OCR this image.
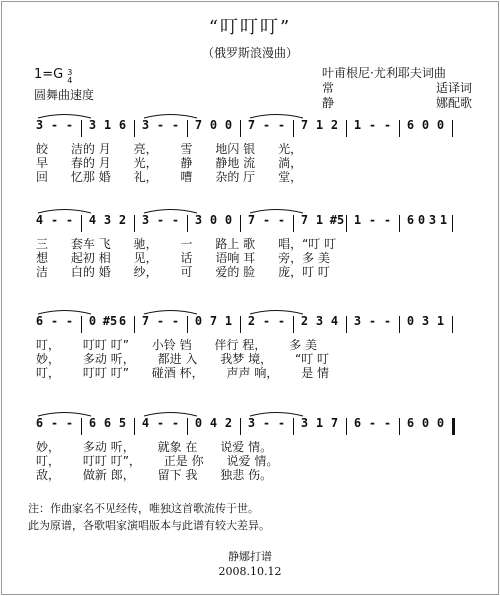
“叮叮叮”
（俄罗斯浪漫曲）
1=G 3
4
圆舞曲速度
叶甫根尼·尤利耶夫词曲
常	适译词
静	娜配歌
3 - - 3 1 6 3 - - 7 0 0 7 - - 7 1 2 1 - - 6 0 0
皎      洁的 月      亮，      雪      地闪 银      光，
早      春的 月      光，      静      静地 流      淌，
回      忆那 婚      礼，      嘈      杂的 厅      堂，
4 - - 4 3 2 3 - - 3 0 0 7 - - 7 1 #5 1 - - 6 0 3 1
三      套车 飞      驰，      一      路上 歌      唱，“叮 叮
想      起初 相      见，      话      语响 耳      旁，多 美
洁      白的 婚      纱，      可      爱的 脸      庞，叮 叮
6 - - 0 #5 6 7 - - 0 7 1 2 - - 2 3 4 3 - - 0 3 1
叮，      叮叮 叮”      小铃 铛      伴行 程，      多 美
妙，      多动 听，      都进 入      我梦 境，      “叮 叮
叮，      叮叮 叮”      碰酒 杯，      声声 响，      是 情
6 - - 6 6 5 4 - - 0 4 2 3 - - 3 1 7 6 - - 6 0 0
妙，      多动 听，      就象 在      说爱 情。
叮，      叮叮 叮”，      正是 你      说爱 情。
敌，      做新 郎，      留下 我      独悲 伤。
注：作曲家名不见经传，唯独这首歌流传于世。
此为原谱，各歌唱家演唱版本与此谱有较大差异。
静娜打谱
2008.10.12
